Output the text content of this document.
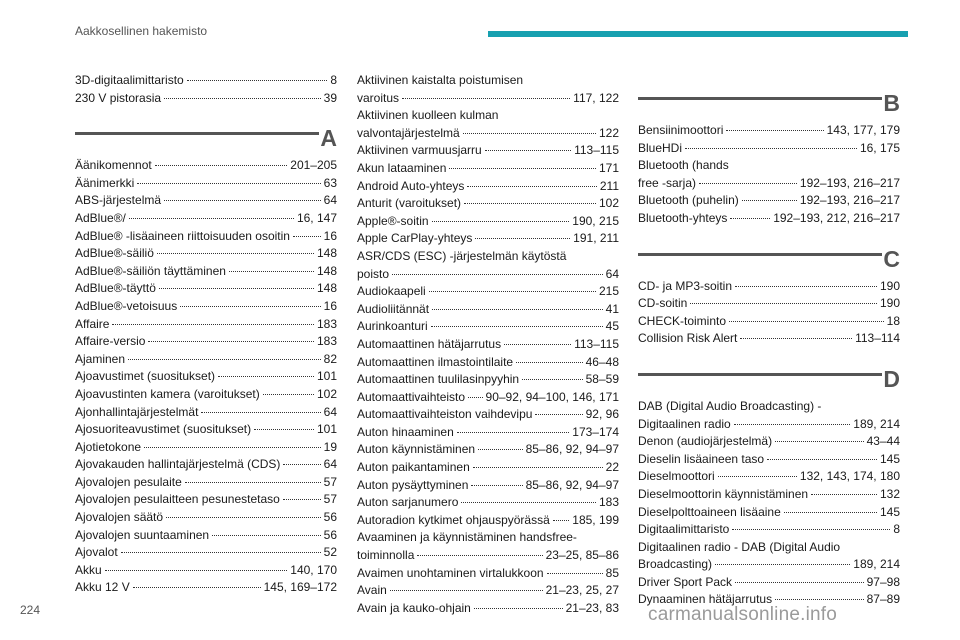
Aakkosellinen hakemisto
3D-digitaalimittaristo	8
230 V pistorasia	39
A
Äänikomennot	201–205
Äänimerkki	63
ABS-järjestelmä	64
AdBlue®/	16, 147
AdBlue® -lisäaineen riittoisuuden osoitin	16
AdBlue®-säiliö	148
AdBlue®-säiliön täyttäminen	148
AdBlue®-täyttö	148
AdBlue®-vetoisuus	16
Affaire	183
Affaire-versio	183
Ajaminen	82
Ajoavustimet (suositukset)	101
Ajoavustinten kamera (varoitukset)	102
Ajonhallintajärjestelmät	64
Ajosuoriteavustimet (suositukset)	101
Ajotietokone	19
Ajovakauden hallintajärjestelmä (CDS)	64
Ajovalojen pesulaite	57
Ajovalojen pesulaitteen pesunestetaso	57
Ajovalojen säätö	56
Ajovalojen suuntaaminen	56
Ajovalot	52
Akku	140, 170
Akku 12 V	145, 169–172
Aktiivinen kaistalta poistumisen
varoitus	117, 122
Aktiivinen kuolleen kulman
valvontajärjestelmä	122
Aktiivinen varmuusjarru	113–115
Akun lataaminen	171
Android Auto-yhteys	211
Anturit (varoitukset)	102
Apple®-soitin	190, 215
Apple CarPlay-yhteys	191, 211
ASR/CDS (ESC) -järjestelmän käytöstä
poisto	64
Audiokaapeli	215
Audioliitännät	41
Aurinkoanturi	45
Automaattinen hätäjarrutus	113–115
Automaattinen ilmastointilaite	46–48
Automaattinen tuulilasinpyyhin	58–59
Automaattivaihteisto 90–92, 94–100, 146, 171
Automaattivaihteiston vaihdevipu	92, 96
Auton hinaaminen	173–174
Auton käynnistäminen	85–86, 92, 94–97
Auton paikantaminen	22
Auton pysäyttyminen	85–86, 92, 94–97
Auton sarjanumero	183
Autoradion kytkimet ohjauspyörässä 185, 199
Avaaminen ja käynnistäminen handsfree-
toiminnolla	23–25, 85–86
Avaimen unohtaminen virtalukkoon	85
Avain	21–23, 25, 27
Avain ja kauko-ohjain	21–23, 83
B
Bensiinimoottori	143, 177, 179
BlueHDi	16, 175
Bluetooth (hands
free -sarja)	192–193, 216–217
Bluetooth (puhelin)	192–193, 216–217
Bluetooth-yhteys	192–193, 212, 216–217
C
CD- ja MP3-soitin	190
CD-soitin	190
CHECK-toiminto	18
Collision Risk Alert	113–114
D
DAB (Digital Audio Broadcasting) -
Digitaalinen radio	189, 214
Denon (audiojärjestelmä)	43–44
Dieselin lisäaineen taso	145
Dieselmoottori	132, 143, 174, 180
Dieselmoottorin käynnistäminen	132
Dieselpolttoaineen lisäaine	145
Digitaalimittaristo	8
Digitaalinen radio - DAB (Digital Audio
Broadcasting)	189, 214
Driver Sport Pack	97–98
Dynaaminen hätäjarrutus	87–89
224	carmanualsonline.info
